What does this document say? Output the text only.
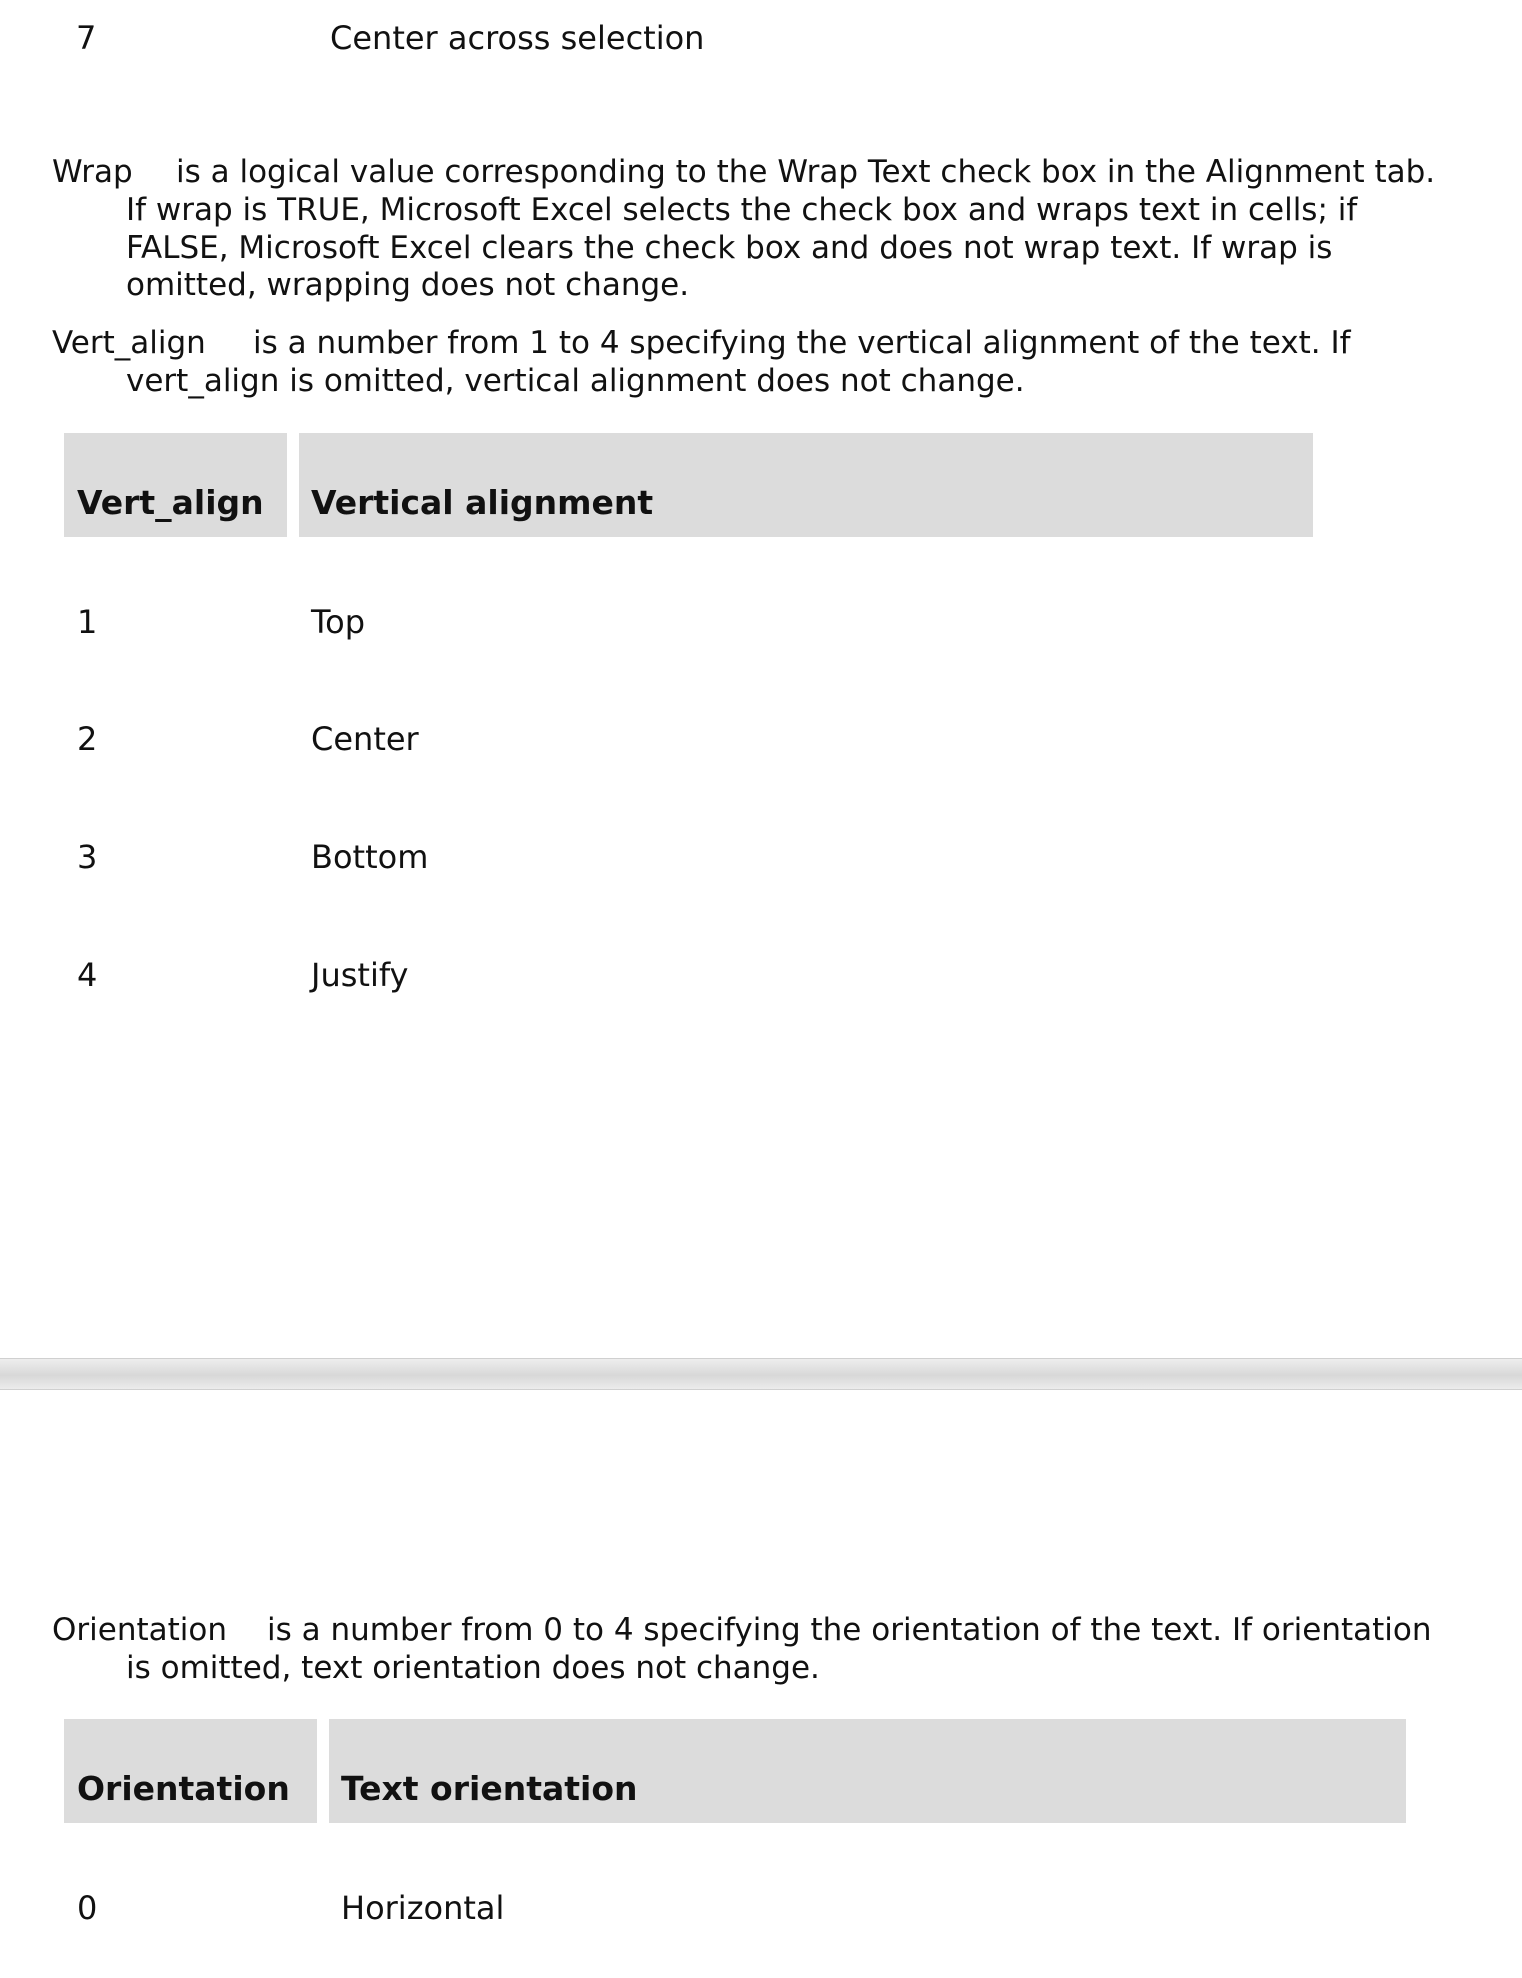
7	Center across selection
Wrap is a logical value corresponding to the Wrap Text check box in the Alignment tab.
If wrap is TRUE, Microsoft Excel selects the check box and wraps text in cells; if
FALSE, Microsoft Excel clears the check box and does not wrap text. If wrap is
omitted, wrapping does not change.
Vert_align is a number from 1 to 4 specifying the vertical alignment of the text. If
vert_align is omitted, vertical alignment does not change.
Vert_align	Vertical alignment
1	Top
2	Center
3	Bottom
4	Justify
Orientation is a number from 0 to 4 specifying the orientation of the text. If orientation
is omitted, text orientation does not change.
Orientation	Text orientation
0	Horizontal
